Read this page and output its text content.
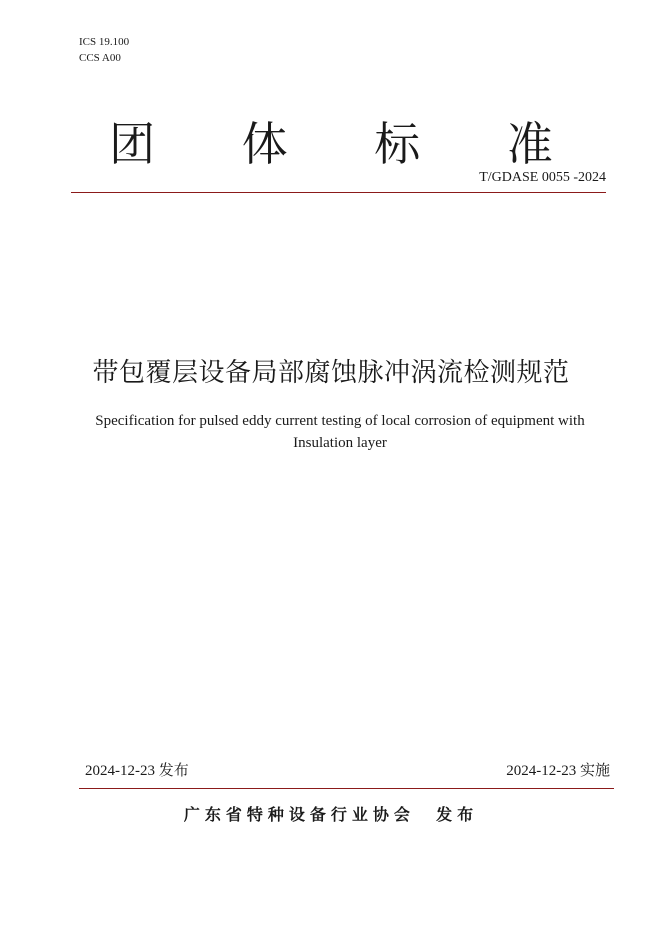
ICS 19.100
CCS A00
团 体 标 准
T/GDASE 0055 -2024
带包覆层设备局部腐蚀脉冲涡流检测规范
Specification for pulsed eddy current testing of local corrosion of equipment with
Insulation layer
2024-12-23 发布	2024-12-23 实施
广东省特种设备行业协会 发布
